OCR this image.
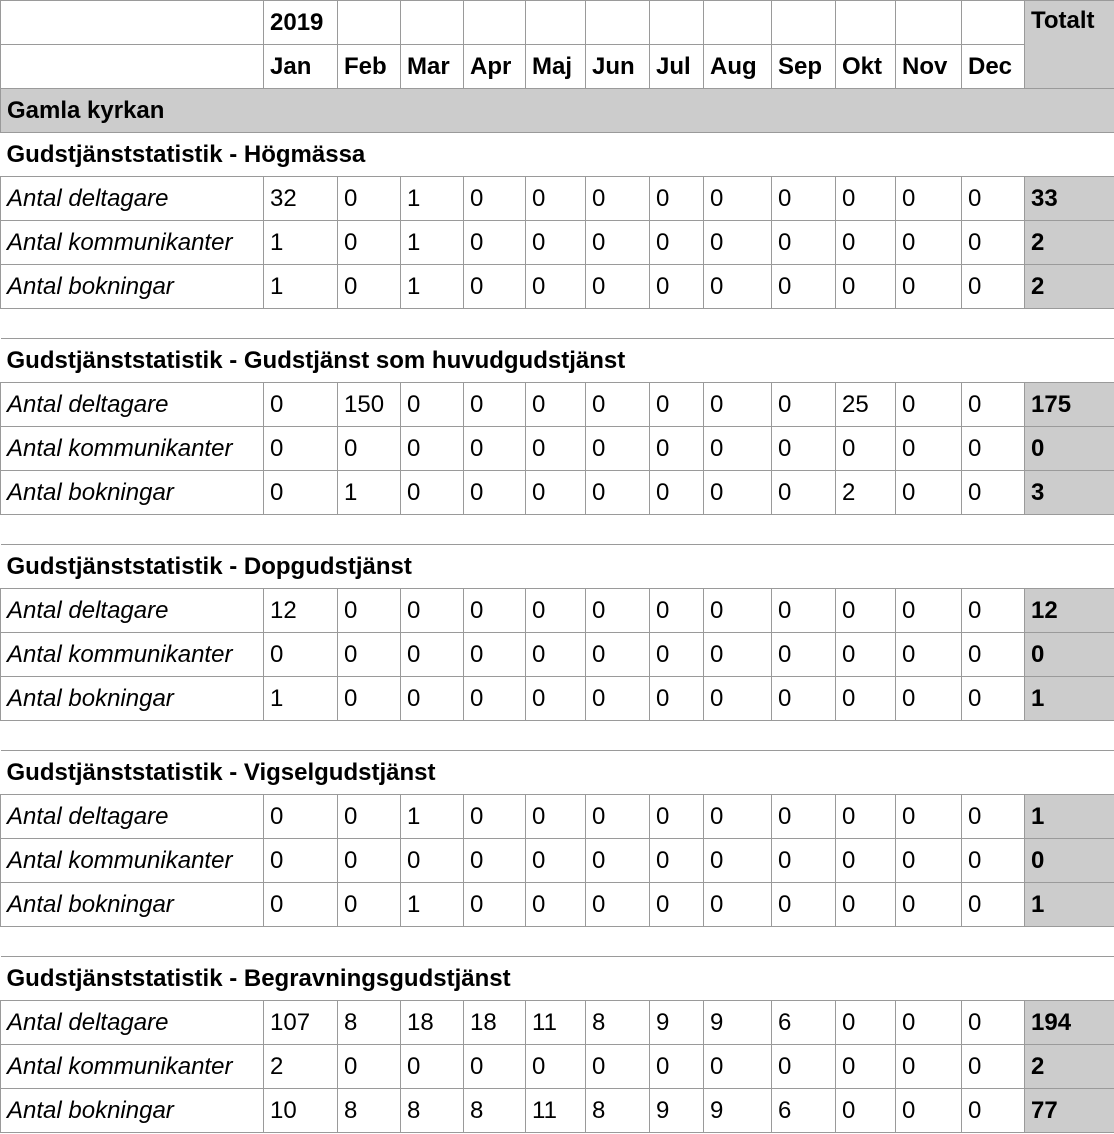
	2019												Totalt
	Jan	Feb	Mar	Apr	Maj	Jun	Jul	Aug	Sep	Okt	Nov	Dec	
Gamla kyrkan													
Gudstjänststatistik - Högmässa													
Antal deltagare	32	0	1	0	0	0	0	0	0	0	0	0	33
Antal kommunikanter	1	0	1	0	0	0	0	0	0	0	0	0	2
Antal bokningar	1	0	1	0	0	0	0	0	0	0	0	0	2

Gudstjänststatistik - Gudstjänst som huvudgudstjänst													
Antal deltagare	0	150	0	0	0	0	0	0	0	25	0	0	175
Antal kommunikanter	0	0	0	0	0	0	0	0	0	0	0	0	0
Antal bokningar	0	1	0	0	0	0	0	0	0	2	0	0	3

Gudstjänststatistik - Dopgudstjänst													
Antal deltagare	12	0	0	0	0	0	0	0	0	0	0	0	12
Antal kommunikanter	0	0	0	0	0	0	0	0	0	0	0	0	0
Antal bokningar	1	0	0	0	0	0	0	0	0	0	0	0	1

Gudstjänststatistik - Vigselgudstjänst													
Antal deltagare	0	0	1	0	0	0	0	0	0	0	0	0	1
Antal kommunikanter	0	0	0	0	0	0	0	0	0	0	0	0	0
Antal bokningar	0	0	1	0	0	0	0	0	0	0	0	0	1

Gudstjänststatistik - Begravningsgudstjänst													
Antal deltagare	107	8	18	18	11	8	9	9	6	0	0	0	194
Antal kommunikanter	2	0	0	0	0	0	0	0	0	0	0	0	2
Antal bokningar	10	8	8	8	11	8	9	9	6	0	0	0	77
